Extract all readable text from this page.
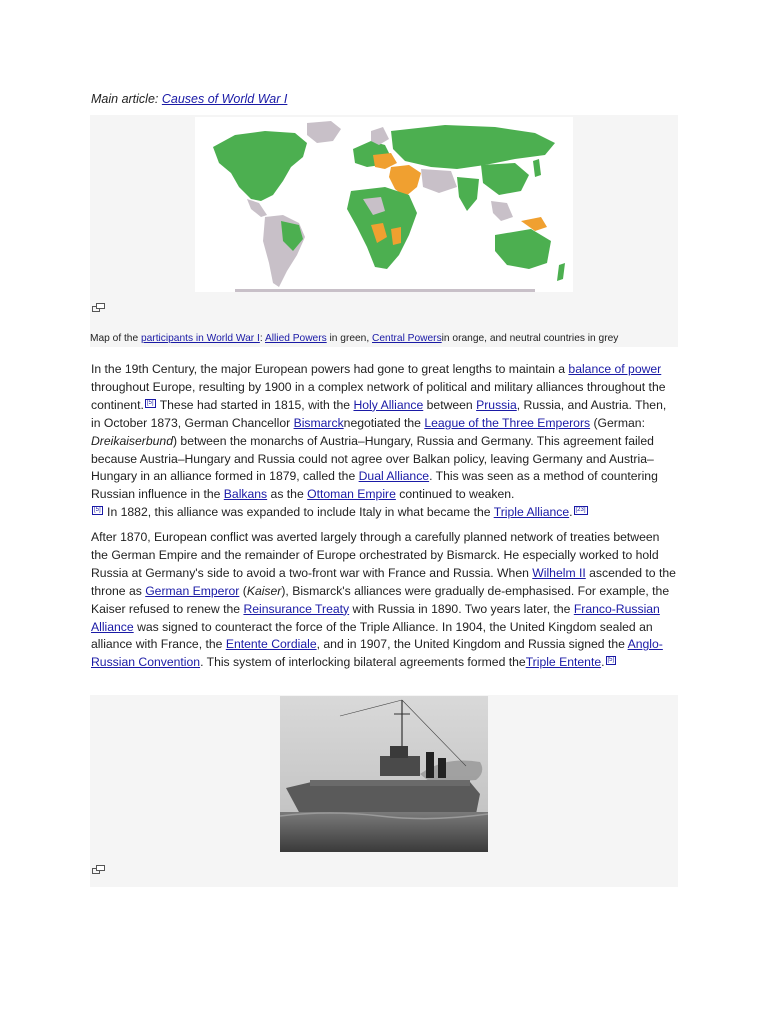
Main article: Causes of World War I
Map of the participants in World War I: Allied Powers in green, Central Powersin orange, and neutral countries in grey
In the 19th Century, the major European powers had gone to great lengths to maintain a balance of power throughout Europe, resulting by 1900 in a complex network of political and military alliances throughout the continent. [5] These had started in 1815, with the Holy Alliance between Prussia, Russia, and Austria. Then, in October 1873, German Chancellor Bismarcknegotiated the League of the Three Emperors (German: Dreikaiserbund) between the monarchs of Austria–Hungary, Russia and Germany. This agreement failed because Austria–Hungary and Russia could not agree over Balkan policy, leaving Germany and Austria–Hungary in an alliance formed in 1879, called the Dual Alliance. This was seen as a method of countering Russian influence in the Balkans as the Ottoman Empire continued to weaken.
[5] In 1882, this alliance was expanded to include Italy in what became the Triple Alliance. [23]
After 1870, European conflict was averted largely through a carefully planned network of treaties between the German Empire and the remainder of Europe orchestrated by Bismarck. He especially worked to hold Russia at Germany's side to avoid a two-front war with France and Russia. When Wilhelm II ascended to the throne as German Emperor (Kaiser), Bismarck's alliances were gradually de-emphasised. For example, the Kaiser refused to renew the Reinsurance Treaty with Russia in 1890. Two years later, the Franco-Russian Alliance was signed to counteract the force of the Triple Alliance. In 1904, the United Kingdom sealed an alliance with France, the Entente Cordiale, and in 1907, the United Kingdom and Russia signed the Anglo-Russian Convention. This system of interlocking bilateral agreements formed theTriple Entente. [5]
